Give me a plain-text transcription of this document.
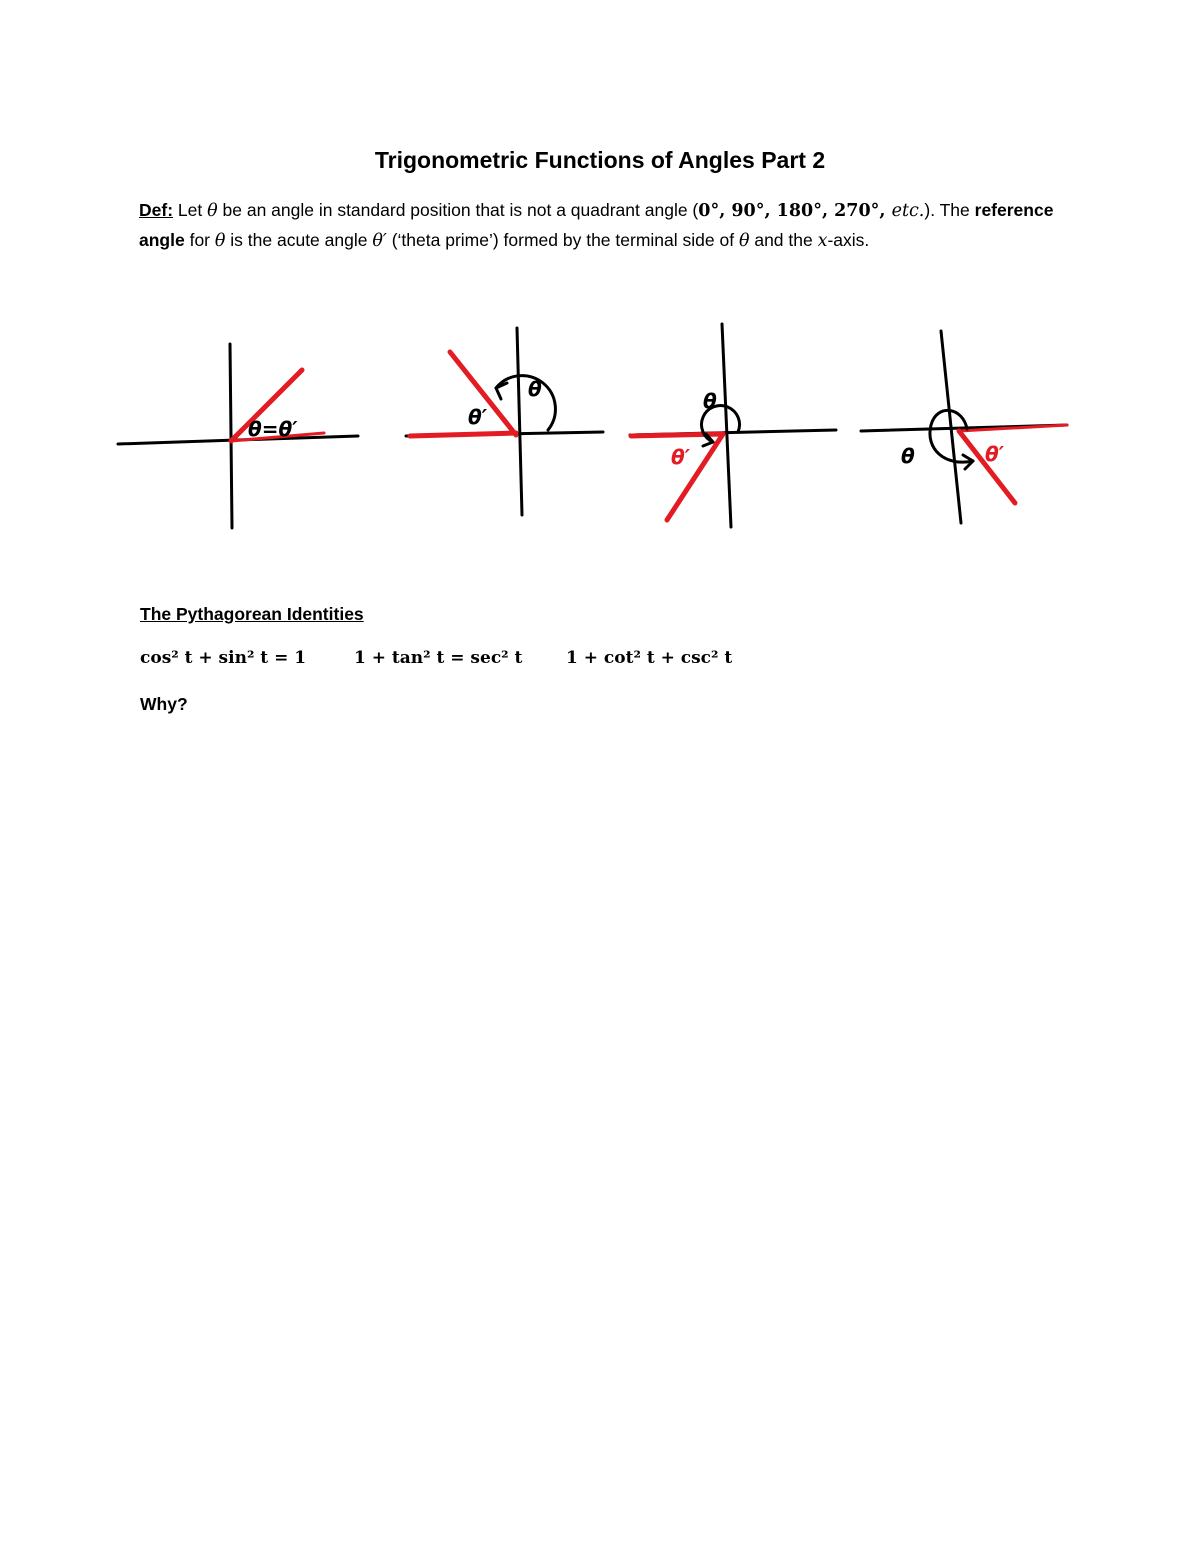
Trigonometric Functions of Angles Part 2

Def: Let θ be an angle in standard position that is not a quadrant angle (0°, 90°, 180°, 270°, etc.). The reference angle for θ is the acute angle θ′ (‘theta prime’) formed by the terminal side of θ and the x-axis.

θ=θ′	θ′
θ	θ
θ′	θ	θ′

The Pythagorean Identities

cos² t + sin² t = 1	1 + tan² t = sec² t	1 + cot² t + csc² t

Why?
